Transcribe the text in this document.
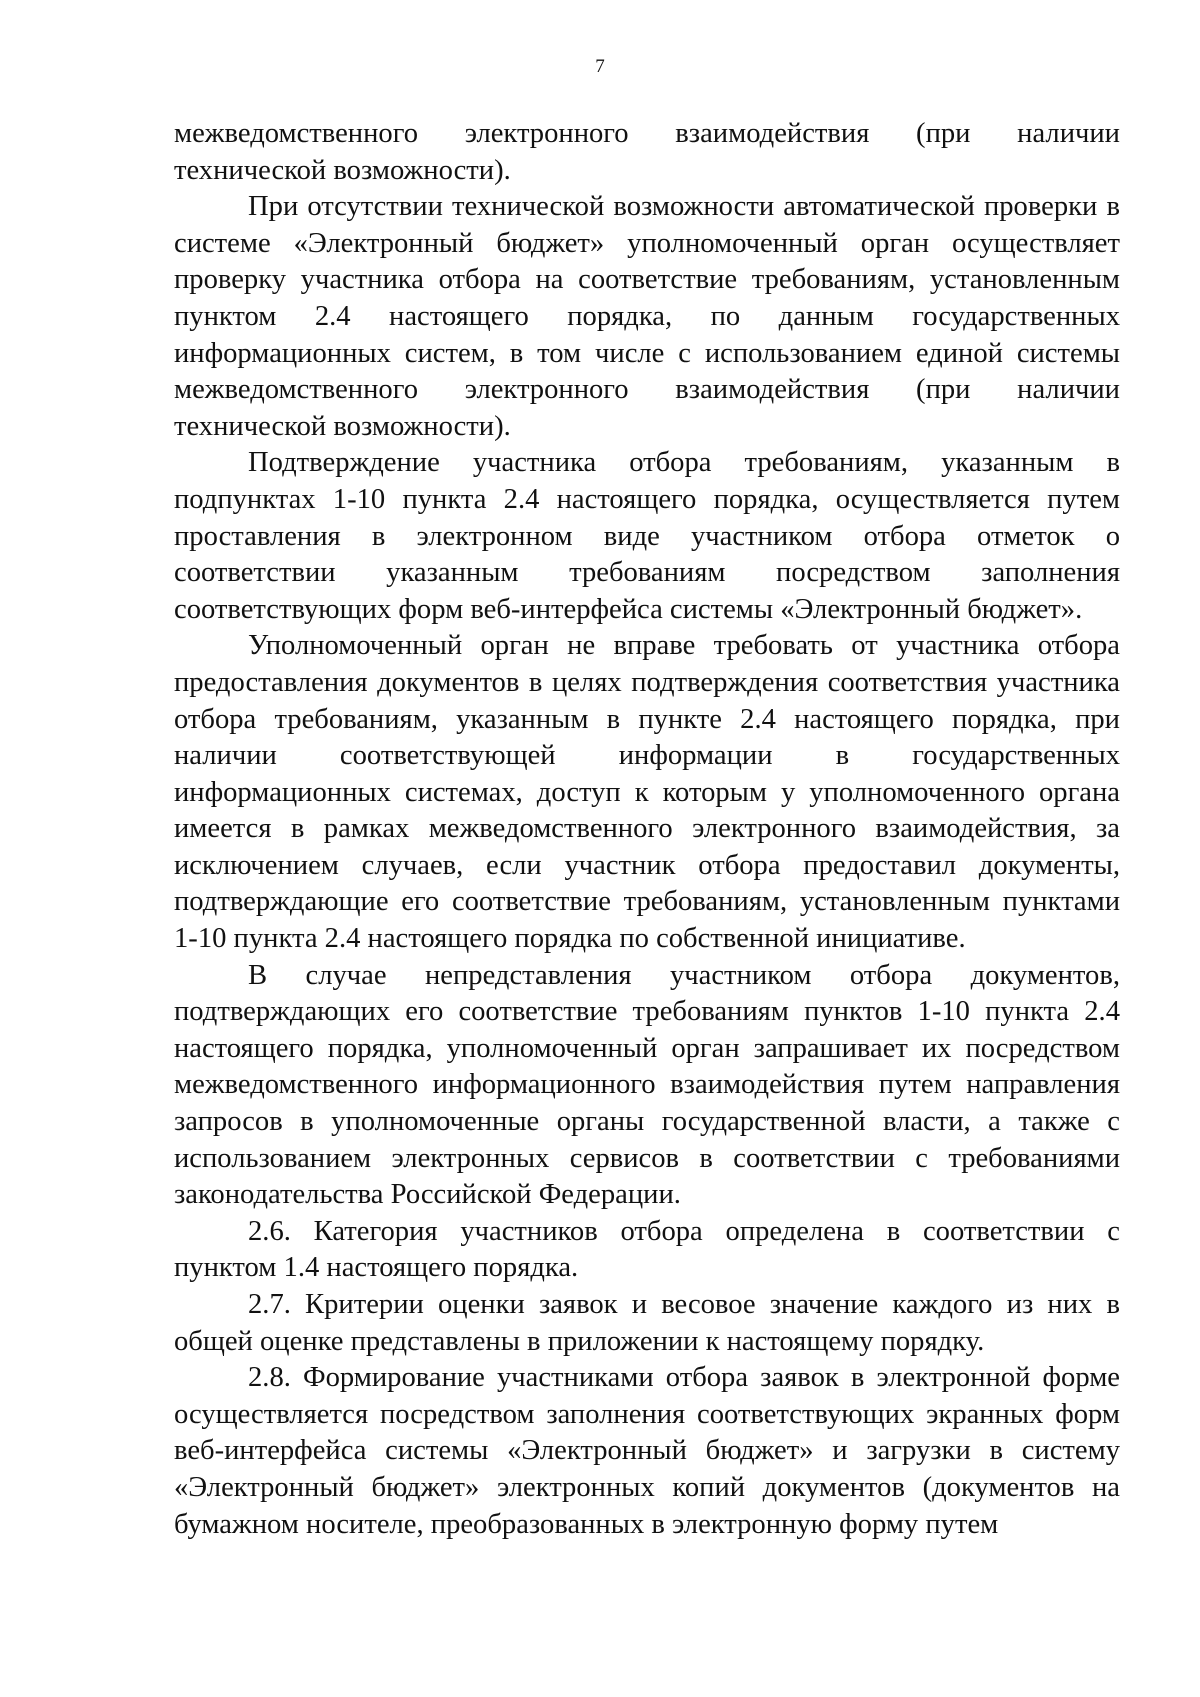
7

межведомственного электронного взаимодействия (при наличии технической возможности).

При отсутствии технической возможности автоматической проверки в системе «Электронный бюджет» уполномоченный орган осуществляет проверку участника отбора на соответствие требованиям, установленным пунктом 2.4 настоящего порядка, по данным государственных информационных систем, в том числе с использованием единой системы межведомственного электронного взаимодействия (при наличии технической возможности).

Подтверждение участника отбора требованиям, указанным в подпунктах 1-10 пункта 2.4 настоящего порядка, осуществляется путем проставления в электронном виде участником отбора отметок о соответствии указанным требованиям посредством заполнения соответствующих форм веб-интерфейса системы «Электронный бюджет».

Уполномоченный орган не вправе требовать от участника отбора предоставления документов в целях подтверждения соответствия участника отбора требованиям, указанным в пункте 2.4 настоящего порядка, при наличии соответствующей информации в государственных информационных системах, доступ к которым у уполномоченного органа имеется в рамках межведомственного электронного взаимодействия, за исключением случаев, если участник отбора предоставил документы, подтверждающие его соответствие требованиям, установленным пунктами 1-10 пункта 2.4 настоящего порядка по собственной инициативе.

В случае непредставления участником отбора документов, подтверждающих его соответствие требованиям пунктов 1-10 пункта 2.4 настоящего порядка, уполномоченный орган запрашивает их посредством межведомственного информационного взаимодействия путем направления запросов в уполномоченные органы государственной власти, а также с использованием электронных сервисов в соответствии с требованиями законодательства Российской Федерации.

2.6. Категория участников отбора определена в соответствии с пунктом 1.4 настоящего порядка.

2.7. Критерии оценки заявок и весовое значение каждого из них в общей оценке представлены в приложении к настоящему порядку.

2.8. Формирование участниками отбора заявок в электронной форме осуществляется посредством заполнения соответствующих экранных форм веб-интерфейса системы «Электронный бюджет» и загрузки в систему «Электронный бюджет» электронных копий документов (документов на бумажном носителе, преобразованных в электронную форму путем
